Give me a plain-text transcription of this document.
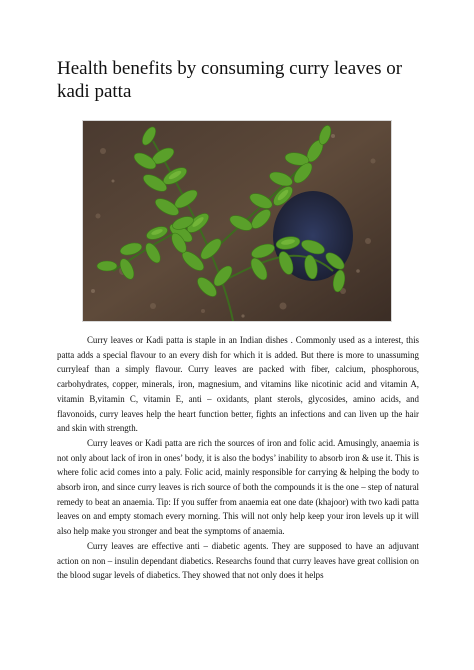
Health benefits by consuming curry leaves or kadi patta

Curry leaves or Kadi patta is staple in an Indian dishes . Commonly used as a interest, this patta adds a special flavour to an every dish for which it is added. But there is more to unassuming curryleaf than a simply flavour. Curry leaves are packed with fiber, calcium, phosphorous, carbohydrates, copper, minerals, iron, magnesium, and vitamins like nicotinic acid and vitamin A, vitamin B,vitamin C, vitamin E, anti – oxidants, plant sterols, glycosides, amino acids, and flavonoids, curry leaves help the heart function better, fights an infections and can liven up the hair and skin with strength.

Curry leaves or Kadi patta are rich the sources of iron and folic acid. Amusingly, anaemia is not only about lack of iron in ones’ body, it is also the bodys’ inability to absorb iron & use it. This is where folic acid comes into a paly. Folic acid, mainly responsible for carrying & helping the body to absorb iron, and since curry leaves is rich source of both the compounds it is the one – step of natural remedy to beat an anaemia. Tip: If you suffer from anaemia eat one date (khajoor) with two kadi patta leaves on and empty stomach every morning. This will not only help keep your iron levels up it will also help make you stronger and beat the symptoms of anaemia.

Curry leaves are effective anti – diabetic agents. They are supposed to have an adjuvant action on non – insulin dependant diabetics. Researchs found that curry leaves have great collision on the blood sugar levels of diabetics. They showed that not only does it helps
